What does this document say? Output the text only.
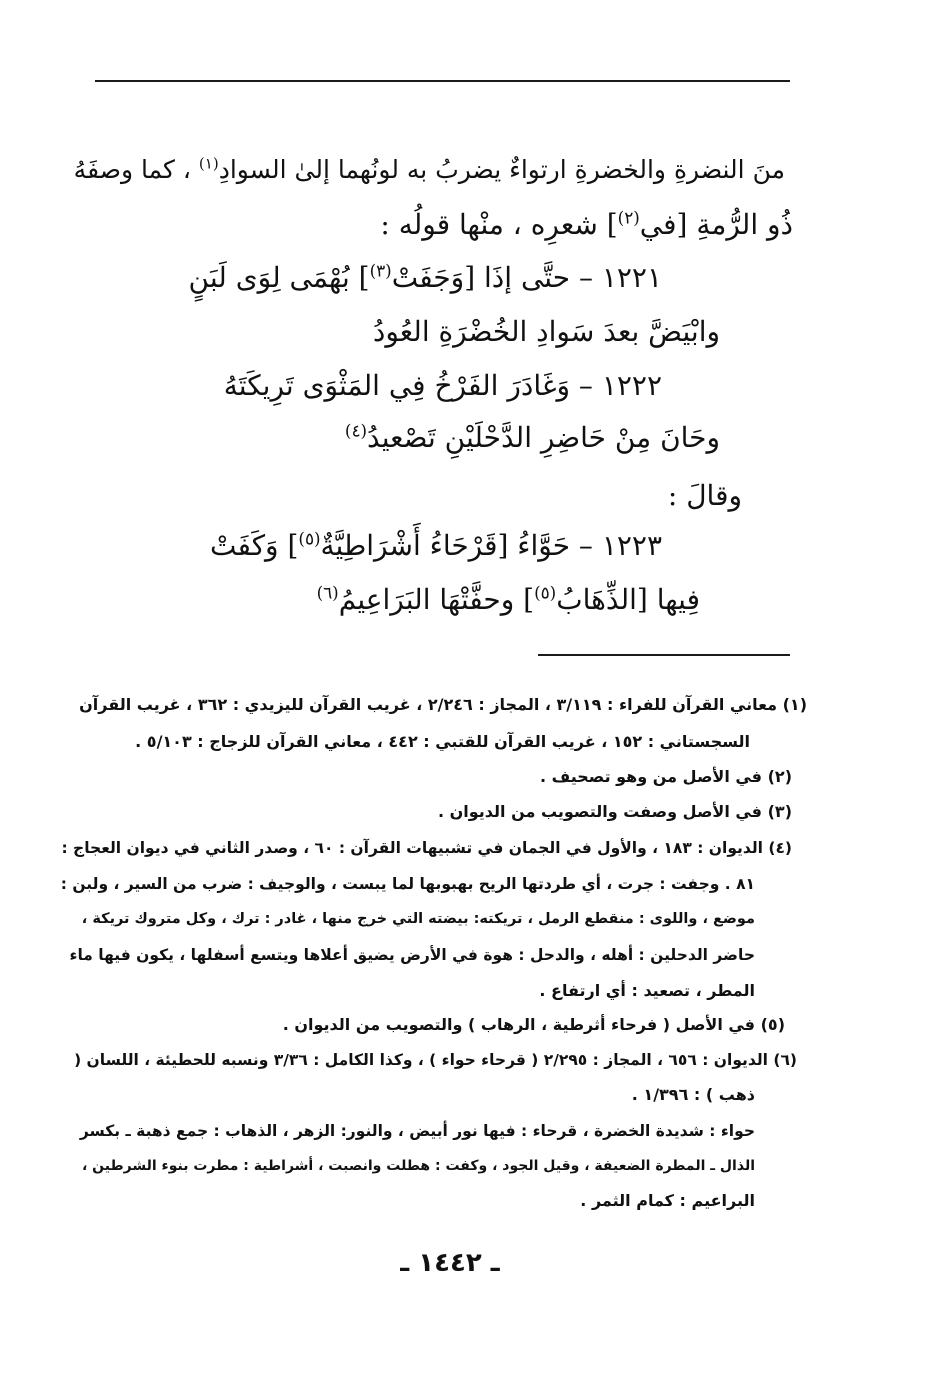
منَ النضرةِ والخضرةِ ارتواءٌ يضربُ به لونُهما إلىٰ السوادِ$^{(١)}$ ، كما وصفَهُ
ذُو الرُّمةِ [في$^{(٢)}$] شعرِه ، منْها قولُه :
١٢٢١ – حتَّى إذَا [وَجَفَتْ$^{(٣)}$] بُهْمَى لِوَى لَبَنٍ
وابْيَضَّ بعدَ سَوادِ الخُضْرَةِ العُودُ
١٢٢٢ – وَغَادَرَ الفَرْخُ فِي المَثْوَى تَرِيكَتَهُ
وحَانَ مِنْ حَاضِرِ الدَّحْلَيْنِ تَصْعيدُ$^{(٤)}$
وقالَ :
١٢٢٣ – حَوَّاءُ [قَرْحَاءُ أَشْرَاطِيَّةٌ$^{(٥)}$] وَكَفَتْ
فِيها [الذِّهَابُ$^{(٥)}$] وحفَّتْهَا البَرَاعِيمُ$^{(٦)}$
(١) معاني القرآن للفراء : ٣/١١٩ ، المجاز : ٢/٢٤٦ ، غريب القرآن لليزيدي : ٣٦٢ ، غريب القرآن
السجستاني : ١٥٢ ، غريب القرآن للقتبي : ٤٤٢ ، معاني القرآن للزجاج : ٥/١٠٣ .
(٢) في الأصل من وهو تصحيف .
(٣) في الأصل وصفت والتصويب من الديوان .
(٤) الديوان : ١٨٣ ، والأول في الجمان في تشبيهات القرآن : ٦٠ ، وصدر الثاني في ديوان العجاج :
٨١ . وجفت : جرت ، أي طردتها الريح بهبوبها لما يبست ، والوجيف : ضرب من السير ، ولبن :
موضع ، واللوى : منقطع الرمل ، تريكته: بيضته التي خرج منها ، غادر : ترك ، وكل متروك تريكة ،
حاضر الدحلين : أهله ، والدحل : هوة في الأرض يضيق أعلاها ويتسع أسفلها ، يكون فيها ماء
المطر ، تصعيد : أي ارتفاع .
(٥) في الأصل ( فرحاء أثرطية ، الرهاب ) والتصويب من الديوان .
(٦) الديوان : ٦٥٦ ، المجاز : ٢/٢٩٥ ( قرحاء حواء ) ، وكذا الكامل : ٣/٣٦ ونسبه للحطيئة ، اللسان (
ذهب ) : ١/٣٩٦ .
حواء : شديدة الخضرة ، قرحاء : فيها نور أبيض ، والنور: الزهر ، الذهاب : جمع ذهبة ـ بكسر
الذال ـ المطرة الضعيفة ، وقيل الجود ، وكفت : هطلت وانصبت ، أشراطية : مطرت بنوء الشرطين ،
البراعيم : كمام الثمر .
ـ ١٤٤٢ ـ
